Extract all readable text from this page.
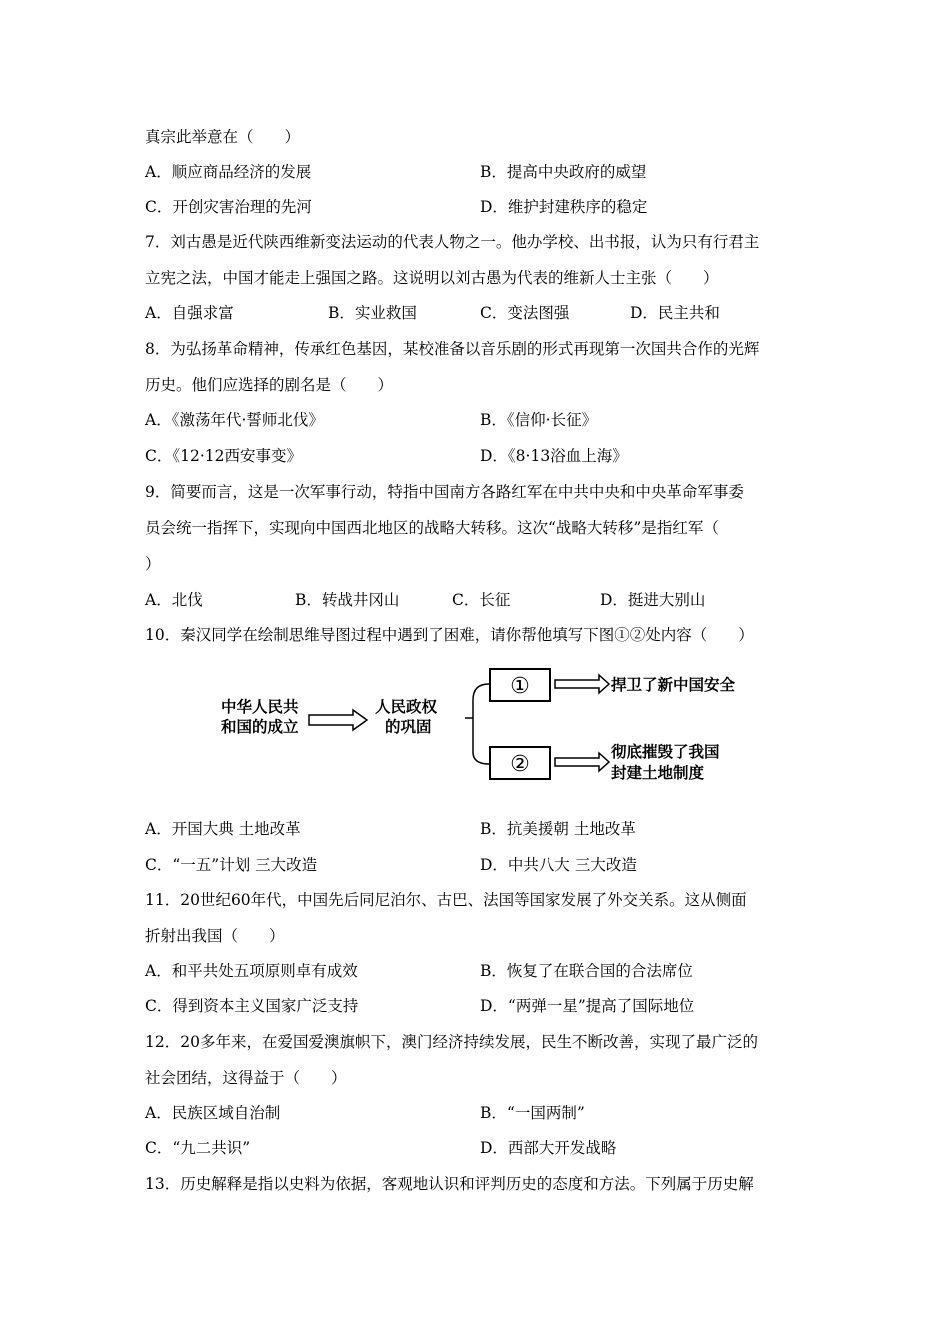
真宗此举意在（　　）
A．顺应商品经济的发展	B．提高中央政府的威望
C．开创灾害治理的先河	D．维护封建秩序的稳定
7．刘古愚是近代陕西维新变法运动的代表人物之一。他办学校、出书报，认为只有行君主
立宪之法，中国才能走上强国之路。这说明以刘古愚为代表的维新人士主张（　　）
A．自强求富	B．实业救国	C．变法图强	D．民主共和
8．为弘扬革命精神，传承红色基因，某校准备以音乐剧的形式再现第一次国共合作的光辉
历史。他们应选择的剧名是（　　）
A．《激荡年代·誓师北伐》	B．《信仰·长征》
C．《12·12西安事变》	D．《8·13浴血上海》
9．简要而言，这是一次军事行动，特指中国南方各路红军在中共中央和中央革命军事委
员会统一指挥下，实现向中国西北地区的战略大转移。这次“战略大转移”是指红军（
）
A．北伐	B．转战井冈山	C．长征	D．挺进大别山
10．秦汉同学在绘制思维导图过程中遇到了困难，请你帮他填写下图①②处内容（　　）
中华人民共
和国的成立
人民政权
的巩固
①
②
捍卫了新中国安全
彻底摧毁了我国
封建土地制度
A．开国大典 土地改革	B．抗美援朝 土地改革
C．“一五”计划 三大改造	D．中共八大 三大改造
11．20世纪60年代，中国先后同尼泊尔、古巴、法国等国家发展了外交关系。这从侧面
折射出我国（　　）
A．和平共处五项原则卓有成效	B．恢复了在联合国的合法席位
C．得到资本主义国家广泛支持	D．“两弹一星”提高了国际地位
12．20多年来，在爱国爱澳旗帜下，澳门经济持续发展，民生不断改善，实现了最广泛的
社会团结，这得益于（　　）
A．民族区域自治制	B．“一国两制”
C．“九二共识”	D．西部大开发战略
13．历史解释是指以史料为依据，客观地认识和评判历史的态度和方法。下列属于历史解
